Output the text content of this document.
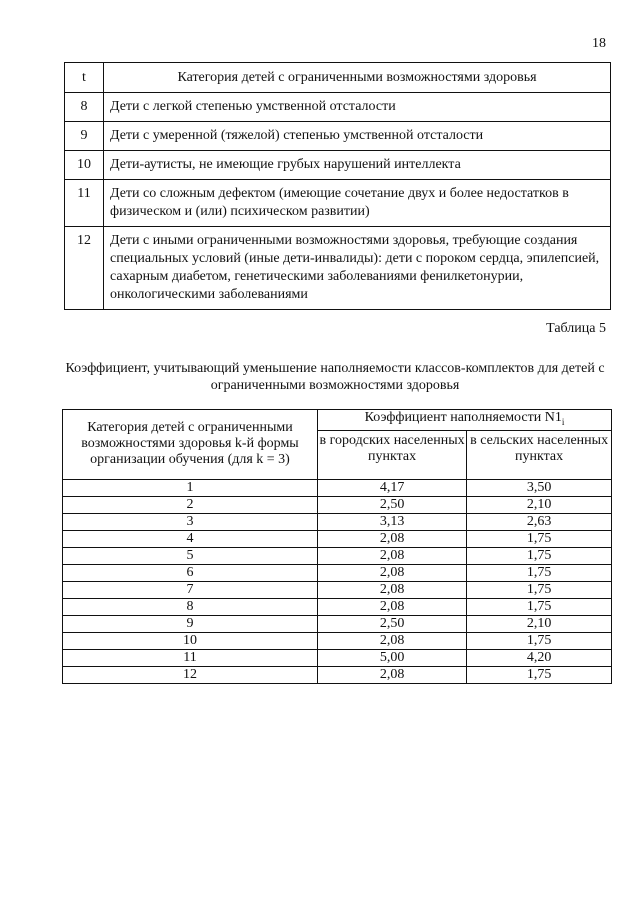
18
t	Категория детей с ограниченными возможностями здоровья
8	Дети с легкой степенью умственной отсталости
9	Дети с умеренной (тяжелой) степенью умственной отсталости
10	Дети-аутисты, не имеющие грубых нарушений интеллекта
11	Дети со сложным дефектом (имеющие сочетание двух и более недостатков в физическом и (или) психическом развитии)
12	Дети с иными ограниченными возможностями здоровья, требующие создания специальных условий (иные дети-инвалиды): дети с пороком сердца, эпилепсией, сахарным диабетом, генетическими заболеваниями фенилкетонурии, онкологическими заболеваниями
Таблица 5
Коэффициент, учитывающий уменьшение наполняемости классов-комплектов для детей с ограниченными возможностями здоровья
Категория детей с ограниченными возможностями здоровья k-й формы организации обучения (для k = 3)	Коэффициент наполняемости $N1_i$
	в городских населенных пунктах	в сельских населенных пунктах
1	4,17	3,50
2	2,50	2,10
3	3,13	2,63
4	2,08	1,75
5	2,08	1,75
6	2,08	1,75
7	2,08	1,75
8	2,08	1,75
9	2,50	2,10
10	2,08	1,75
11	5,00	4,20
12	2,08	1,75
